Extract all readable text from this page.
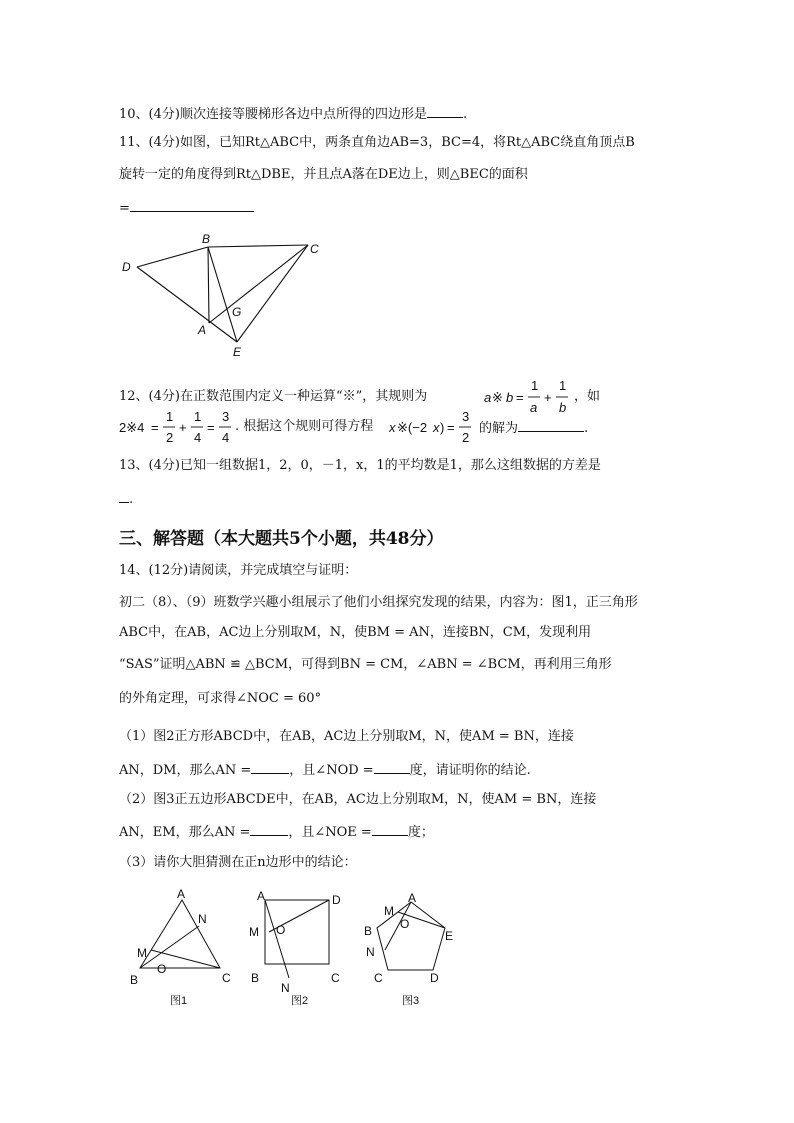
10、(4分)顺次连接等腰梯形各边中点所得的四边形是	.
11、(4分)如图，已知Rt△ABC中，两条直角边AB=3，BC=4，将Rt△ABC绕直角顶点B
旋转一定的角度得到Rt△DBE，并且点A落在DE边上，则△BEC的面积
=
D
B
C
G
A
E
12、(4分)在正数范围内定义一种运算“※”，其规则为	a ※ b =
1
a
+
1
b
，如
2※4 =
1
2
+
1
4
=
3
4
. 根据这个规则可得方程 x ※(−2 x ) =
3
2
的解为	.
13、(4分)已知一组数据1，2，0，－1，x，1的平均数是1，那么这组数据的方差是
.
三、解答题（本大题共5个小题，共48分）
14、(12分)请阅读，并完成填空与证明：
初二（8）、（9）班数学兴趣小组展示了他们小组探究发现的结果，内容为：图1，正三角形
ABC中，在AB，AC边上分别取M，N，使BM = AN，连接BN，CM，发现利用
“SAS”证明△ABN ≌ △BCM，可得到BN = CM，∠ABN = ∠BCM，再利用三角形
的外角定理，可求得∠NOC = 60°
（1）图2正方形ABCD中，在AB，AC边上分别取M，N，使AM = BN，连接
AN，DM，那么AN =	，且∠NOD =	度，请证明你的结论.
（2）图3正五边形ABCDE中，在AB，AC边上分别取M，N，使AM = BN，连接
AN，EM，那么AN =	，且∠NOE =	度；
（3）请你大胆猜测在正n边形中的结论：
A
N
M
O
B	C
图1
A	D
M O
B
N
C
图2
M
A
O
B	E
N
C	D
图3
